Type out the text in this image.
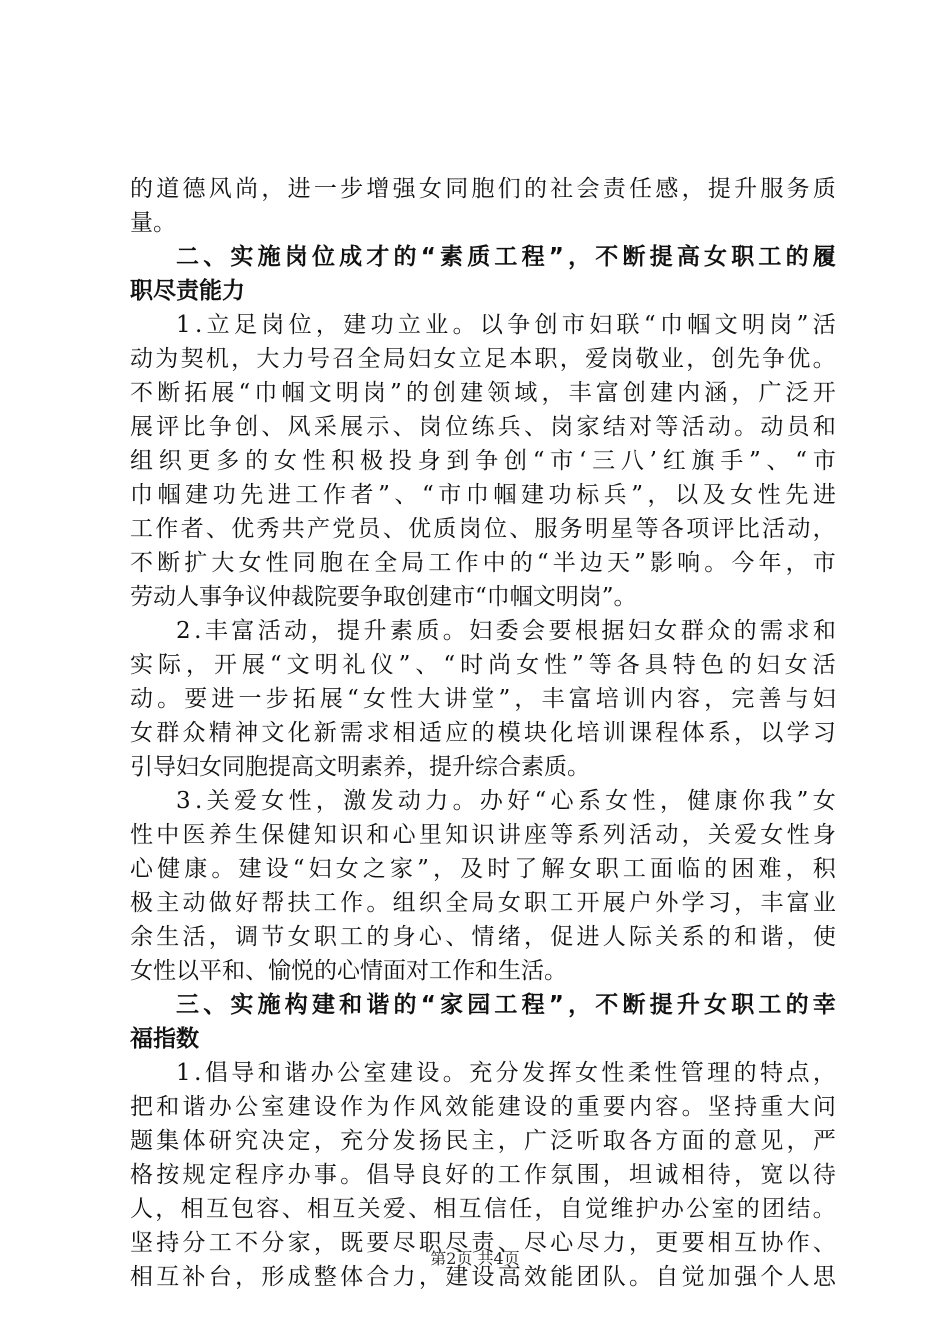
的 道 德 风 尚 ， 进 一 步 增 强 女 同 胞 们 的 社 会 责 任 感 ， 提 升 服 务 质
量。
二 、 实 施 岗 位 成 才 的 “ 素 质 工 程 ” ， 不 断 提 高 女 职 工 的 履
职尽责能力
1 . 立 足 岗 位 ， 建 功 立 业 。 以 争 创 市 妇 联 “ 巾 帼 文 明 岗 ” 活
动 为 契 机 ， 大 力 号 召 全 局 妇 女 立 足 本 职 ， 爱 岗 敬 业 ， 创 先 争 优 。
不 断 拓 展 “ 巾 帼 文 明 岗 ” 的 创 建 领 域 ， 丰 富 创 建 内 涵 ， 广 泛 开
展 评 比 争 创 、 风 采 展 示 、 岗 位 练 兵 、 岗 家 结 对 等 活 动 。 动 员 和
组 织 更 多 的 女 性 积 极 投 身 到 争 创 “ 市 ‘ 三 八 ’ 红 旗 手 ” 、 “ 市
巾 帼 建 功 先 进 工 作 者 ” 、 “ 市 巾 帼 建 功 标 兵 ” ， 以 及 女 性 先 进
工 作 者 、 优 秀 共 产 党 员 、 优 质 岗 位 、 服 务 明 星 等 各 项 评 比 活 动 ，
不 断 扩 大 女 性 同 胞 在 全 局 工 作 中 的 “ 半 边 天 ” 影 响 。 今 年 ， 市
劳动人事争议仲裁院要争取创建市“巾帼文明岗”。
2 . 丰 富 活 动 ， 提 升 素 质 。 妇 委 会 要 根 据 妇 女 群 众 的 需 求 和
实 际 ， 开 展 “ 文 明 礼 仪 ” 、 “ 时 尚 女 性 ” 等 各 具 特 色 的 妇 女 活
动 。 要 进 一 步 拓 展 “ 女 性 大 讲 堂 ” ， 丰 富 培 训 内 容 ， 完 善 与 妇
女 群 众 精 神 文 化 新 需 求 相 适 应 的 模 块 化 培 训 课 程 体 系 ， 以 学 习
引导妇女同胞提高文明素养，提升综合素质。
3 . 关 爱 女 性 ， 激 发 动 力 。 办 好 “ 心 系 女 性 ， 健 康 你 我 ” 女
性 中 医 养 生 保 健 知 识 和 心 里 知 识 讲 座 等 系 列 活 动 ， 关 爱 女 性 身
心 健 康 。 建 设 “ 妇 女 之 家 ” ， 及 时 了 解 女 职 工 面 临 的 困 难 ， 积
极 主 动 做 好 帮 扶 工 作 。 组 织 全 局 女 职 工 开 展 户 外 学 习 ， 丰 富 业
余 生 活 ， 调 节 女 职 工 的 身 心 、 情 绪 ， 促 进 人 际 关 系 的 和 谐 ， 使
女性以平和、愉悦的心情面对工作和生活。
三 、 实 施 构 建 和 谐 的 “ 家 园 工 程 ” ， 不 断 提 升 女 职 工 的 幸
福指数
1 . 倡 导 和 谐 办 公 室 建 设 。 充 分 发 挥 女 性 柔 性 管 理 的 特 点 ，
把 和 谐 办 公 室 建 设 作 为 作 风 效 能 建 设 的 重 要 内 容 。 坚 持 重 大 问
题 集 体 研 究 决 定 ， 充 分 发 扬 民 主 ， 广 泛 听 取 各 方 面 的 意 见 ， 严
格 按 规 定 程 序 办 事 。 倡 导 良 好 的 工 作 氛 围 ， 坦 诚 相 待 ， 宽 以 待
人 ， 相 互 包 容 、 相 互 关 爱 、 相 互 信 任 ， 自 觉 维 护 办 公 室 的 团 结 。
坚 持 分 工 不 分 家 ， 既 要 尽 职 尽 责 、 尽 心 尽 力 ， 更 要 相 互 协 作 、
相 互 补 台 ， 形 成 整 体 合 力 ， 建 设 高 效 能 团 队 。 自 觉 加 强 个 人 思
第2页 共4页
